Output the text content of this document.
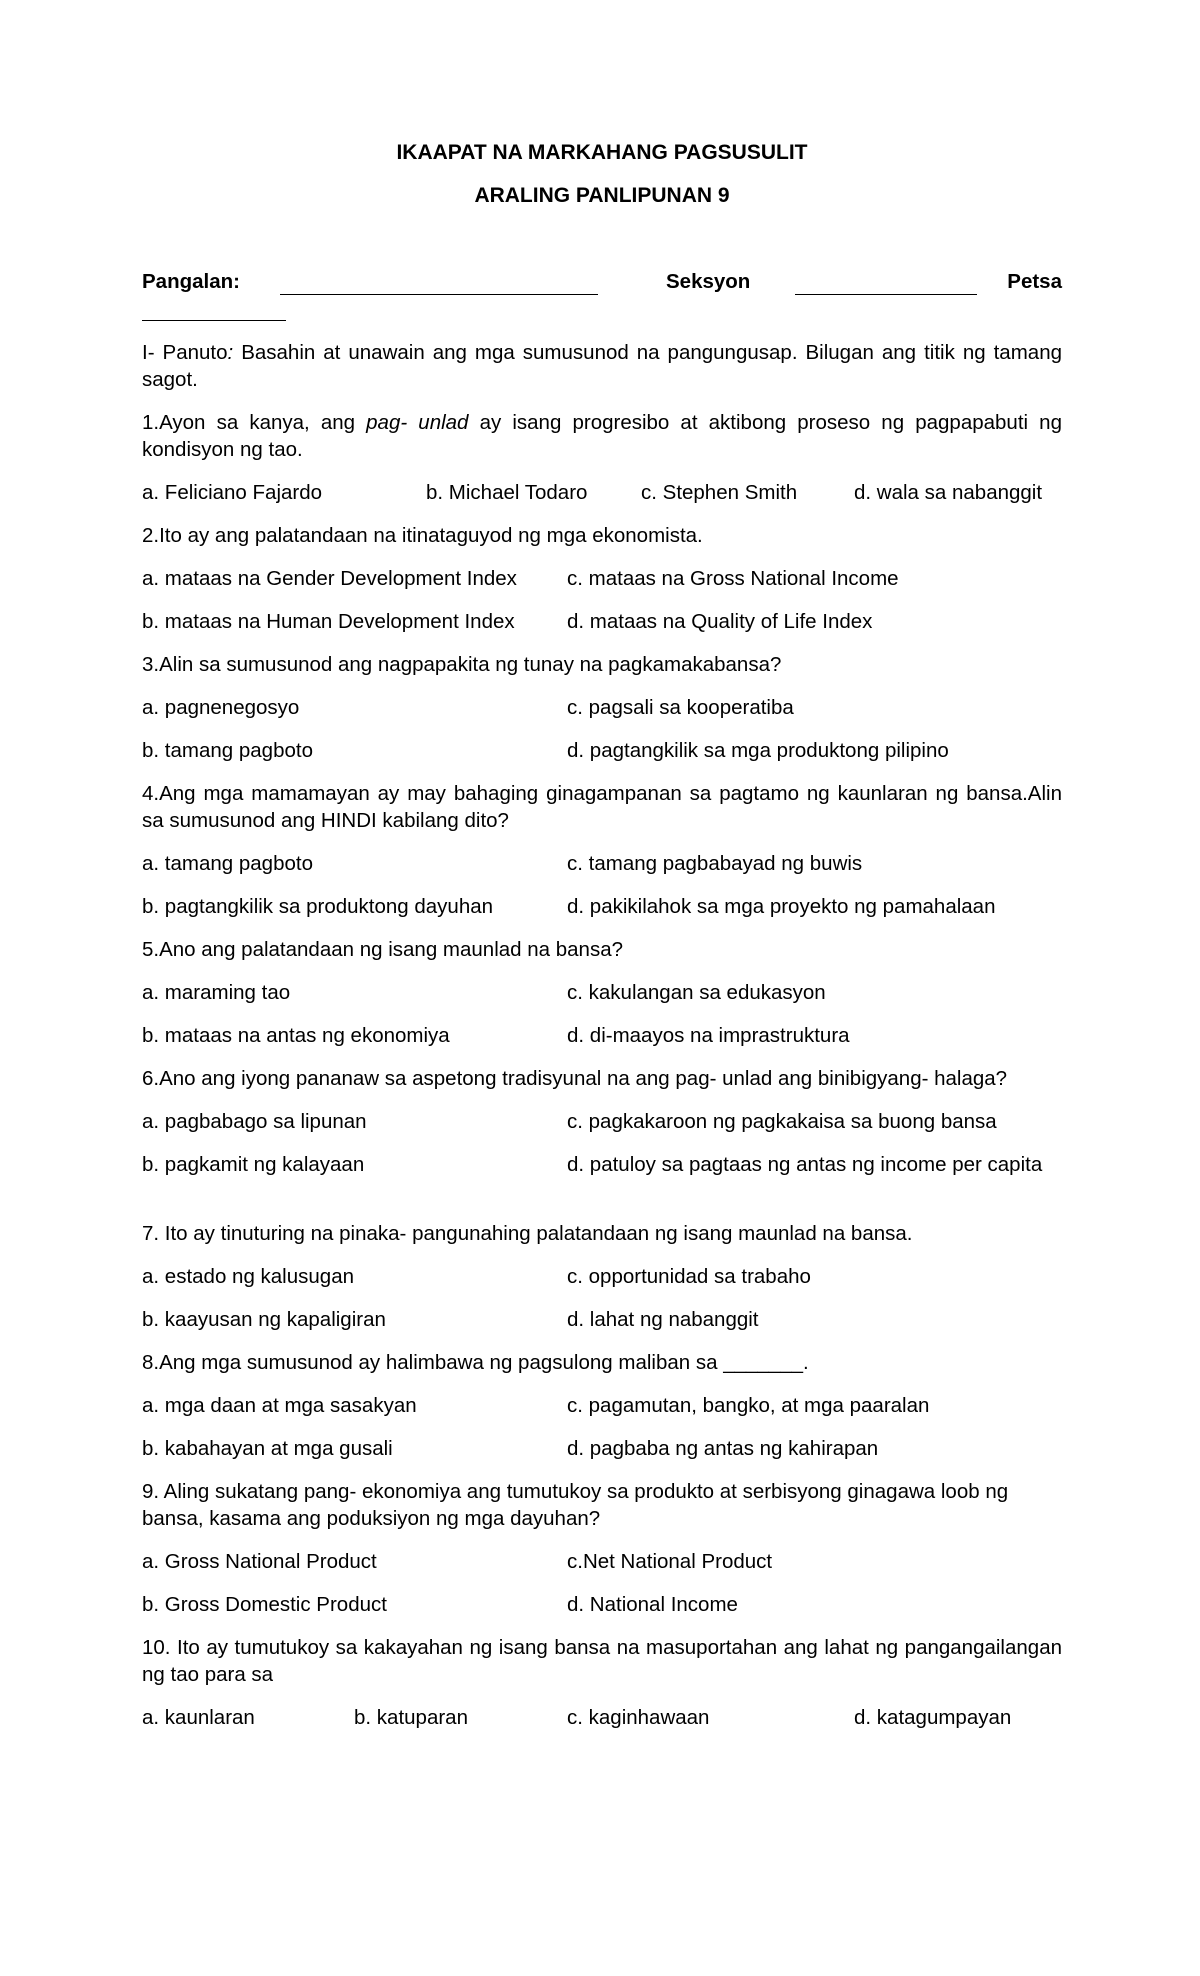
IKAAPAT NA MARKAHANG PAGSUSULIT
ARALING PANLIPUNAN 9
Pangalan:	Seksyon	Petsa
I- Panuto: Basahin at unawain ang mga sumusunod na pangungusap. Bilugan ang titik ng tamang sagot.
1.Ayon sa kanya, ang pag- unlad ay isang progresibo at aktibong proseso ng pagpapabuti ng kondisyon ng tao.
a. Feliciano Fajardo	b. Michael Todaro	c. Stephen Smith	d. wala sa nabanggit
2.Ito ay ang palatandaan na itinataguyod ng mga ekonomista.
a. mataas na Gender Development Index c. mataas na Gross National Income
b. mataas na Human Development Index	d. mataas na Quality of Life Index
3.Alin sa sumusunod ang nagpapakita ng tunay na pagkamakabansa?
a. pagnenegosyo	c. pagsali sa kooperatiba
b. tamang pagboto	d. pagtangkilik sa mga produktong pilipino
4.Ang mga mamamayan ay may bahaging ginagampanan sa pagtamo ng kaunlaran ng bansa.Alin sa sumusunod ang HINDI kabilang dito?
a. tamang pagboto	c. tamang pagbabayad ng buwis
b. pagtangkilik sa produktong dayuhan	d. pakikilahok sa mga proyekto ng pamahalaan
5.Ano ang palatandaan ng isang maunlad na bansa?
a. maraming tao	c. kakulangan sa edukasyon
b. mataas na antas ng ekonomiya	d. di-maayos na imprastruktura
6.Ano ang iyong pananaw sa aspetong tradisyunal na ang pag- unlad ang binibigyang- halaga?
a. pagbabago sa lipunan	c. pagkakaroon ng pagkakaisa sa buong bansa
b. pagkamit ng kalayaan	d. patuloy sa pagtaas ng antas ng income per capita
7. Ito ay tinuturing na pinaka- pangunahing palatandaan ng isang maunlad na bansa.
a. estado ng kalusugan	c. opportunidad sa trabaho
b. kaayusan ng kapaligiran	d. lahat ng nabanggit
8.Ang mga sumusunod ay halimbawa ng pagsulong maliban sa _______.
a. mga daan at mga sasakyan	c. pagamutan, bangko, at mga paaralan
b. kabahayan at mga gusali	d. pagbaba ng antas ng kahirapan
9. Aling sukatang pang- ekonomiya ang tumutukoy sa produkto at serbisyong ginagawa loob ng bansa, kasama ang poduksiyon ng mga dayuhan?
a. Gross National Product	c.Net National Product
b. Gross Domestic Product	d. National Income
10. Ito ay tumutukoy sa kakayahan ng isang bansa na masuportahan ang lahat ng pangangailangan ng tao para sa
a. kaunlaran	b. katuparan	c. kaginhawaan	d. katagumpayan
